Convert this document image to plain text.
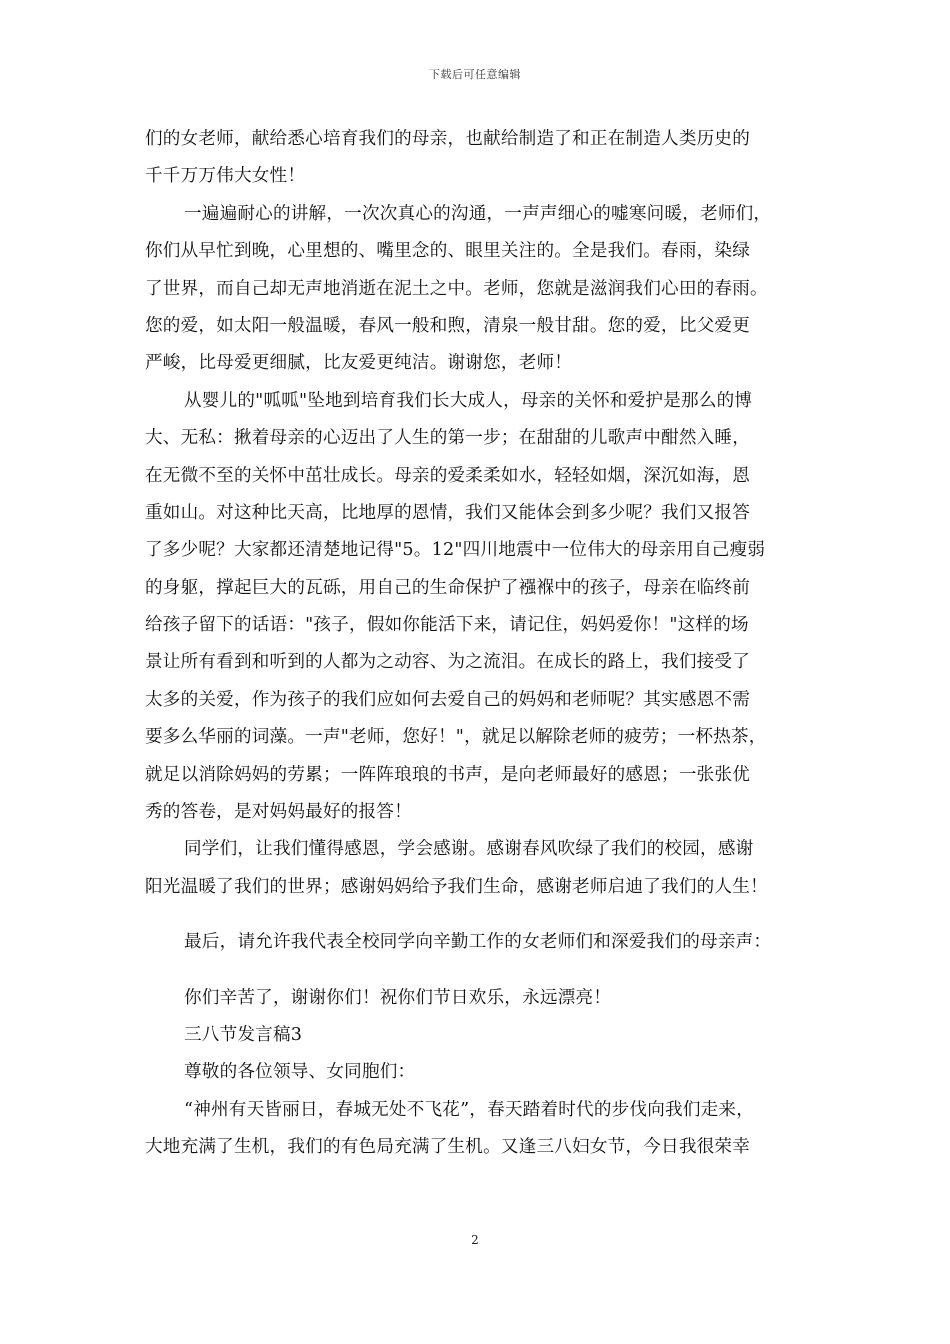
下载后可任意编辑
们的女老师，献给悉心培育我们的母亲，也献给制造了和正在制造人类历史的
千千万万伟大女性！
一遍遍耐心的讲解，一次次真心的沟通，一声声细心的嘘寒问暖，老师们，
你们从早忙到晚，心里想的、嘴里念的、眼里关注的。全是我们。春雨，染绿
了世界，而自己却无声地消逝在泥土之中。老师，您就是滋润我们心田的春雨。
您的爱，如太阳一般温暖，春风一般和煦，清泉一般甘甜。您的爱，比父爱更
严峻，比母爱更细腻，比友爱更纯洁。谢谢您，老师！
从婴儿的"呱呱"坠地到培育我们长大成人，母亲的关怀和爱护是那么的博
大、无私：揪着母亲的心迈出了人生的第一步；在甜甜的儿歌声中酣然入睡，
在无微不至的关怀中茁壮成长。母亲的爱柔柔如水，轻轻如烟，深沉如海，恩
重如山。对这种比天高，比地厚的恩情，我们又能体会到多少呢？我们又报答
了多少呢？大家都还清楚地记得"5。12"四川地震中一位伟大的母亲用自己瘦弱
的身躯，撑起巨大的瓦砾，用自己的生命保护了襁褓中的孩子，母亲在临终前
给孩子留下的话语："孩子，假如你能活下来，请记住，妈妈爱你！"这样的场
景让所有看到和听到的人都为之动容、为之流泪。在成长的路上，我们接受了
太多的关爱，作为孩子的我们应如何去爱自己的妈妈和老师呢？其实感恩不需
要多么华丽的词藻。一声"老师，您好！"，就足以解除老师的疲劳；一杯热茶，
就足以消除妈妈的劳累；一阵阵琅琅的书声，是向老师最好的感恩；一张张优
秀的答卷，是对妈妈最好的报答！
同学们，让我们懂得感恩，学会感谢。感谢春风吹绿了我们的校园，感谢
阳光温暖了我们的世界；感谢妈妈给予我们生命，感谢老师启迪了我们的人生！
最后，请允许我代表全校同学向辛勤工作的女老师们和深爱我们的母亲声：
你们辛苦了，谢谢你们！祝你们节日欢乐，永远漂亮！
三八节发言稿3
尊敬的各位领导、女同胞们：
“神州有天皆丽日，春城无处不飞花”，春天踏着时代的步伐向我们走来，
大地充满了生机，我们的有色局充满了生机。又逢三八妇女节，今日我很荣幸
2
